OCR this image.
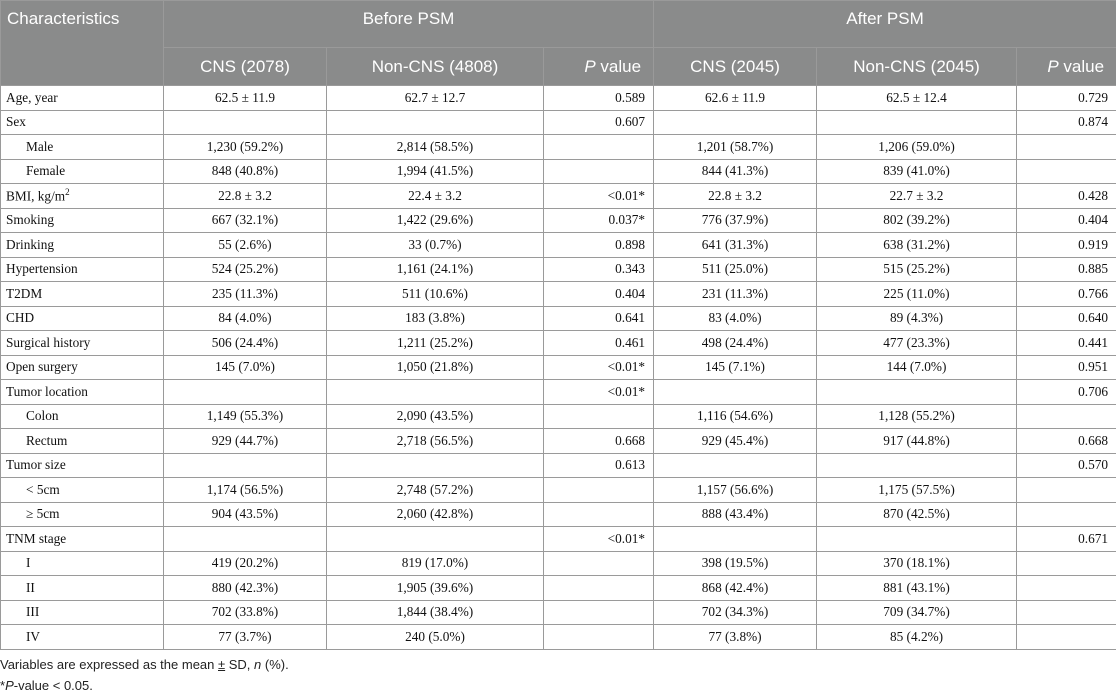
Characteristics	Before PSM			After PSM		
	CNS (2078)	Non-CNS (4808)	P value	CNS (2045)	Non-CNS (2045)	P value
Age, year	62.5 ± 11.9	62.7 ± 12.7	0.589	62.6 ± 11.9	62.5 ± 12.4	0.729
Sex			0.607			0.874
Male	1,230 (59.2%)	2,814 (58.5%)		1,201 (58.7%)	1,206 (59.0%)	
Female	848 (40.8%)	1,994 (41.5%)		844 (41.3%)	839 (41.0%)	
BMI, $kg/m^2$	22.8 ± 3.2	22.4 ± 3.2	<0.01*	22.8 ± 3.2	22.7 ± 3.2	0.428
Smoking	667 (32.1%)	1,422 (29.6%)	0.037*	776 (37.9%)	802 (39.2%)	0.404
Drinking	55 (2.6%)	33 (0.7%)	0.898	641 (31.3%)	638 (31.2%)	0.919
Hypertension	524 (25.2%)	1,161 (24.1%)	0.343	511 (25.0%)	515 (25.2%)	0.885
T2DM	235 (11.3%)	511 (10.6%)	0.404	231 (11.3%)	225 (11.0%)	0.766
CHD	84 (4.0%)	183 (3.8%)	0.641	83 (4.0%)	89 (4.3%)	0.640
Surgical history	506 (24.4%)	1,211 (25.2%)	0.461	498 (24.4%)	477 (23.3%)	0.441
Open surgery	145 (7.0%)	1,050 (21.8%)	<0.01*	145 (7.1%)	144 (7.0%)	0.951
Tumor location			<0.01*			0.706
Colon	1,149 (55.3%)	2,090 (43.5%)		1,116 (54.6%)	1,128 (55.2%)	
Rectum	929 (44.7%)	2,718 (56.5%)	0.668	929 (45.4%)	917 (44.8%)	0.668
Tumor size			0.613			0.570
< 5cm	1,174 (56.5%)	2,748 (57.2%)		1,157 (56.6%)	1,175 (57.5%)	
≥ 5cm	904 (43.5%)	2,060 (42.8%)		888 (43.4%)	870 (42.5%)	
TNM stage			<0.01*			0.671
I	419 (20.2%)	819 (17.0%)		398 (19.5%)	370 (18.1%)	
II	880 (42.3%)	1,905 (39.6%)		868 (42.4%)	881 (43.1%)	
III	702 (33.8%)	1,844 (38.4%)		702 (34.3%)	709 (34.7%)	
IV	77 (3.7%)	240 (5.0%)		77 (3.8%)	85 (4.2%)	
Variables are expressed as the mean ± SD, n (%).
*P-value < 0.05.
